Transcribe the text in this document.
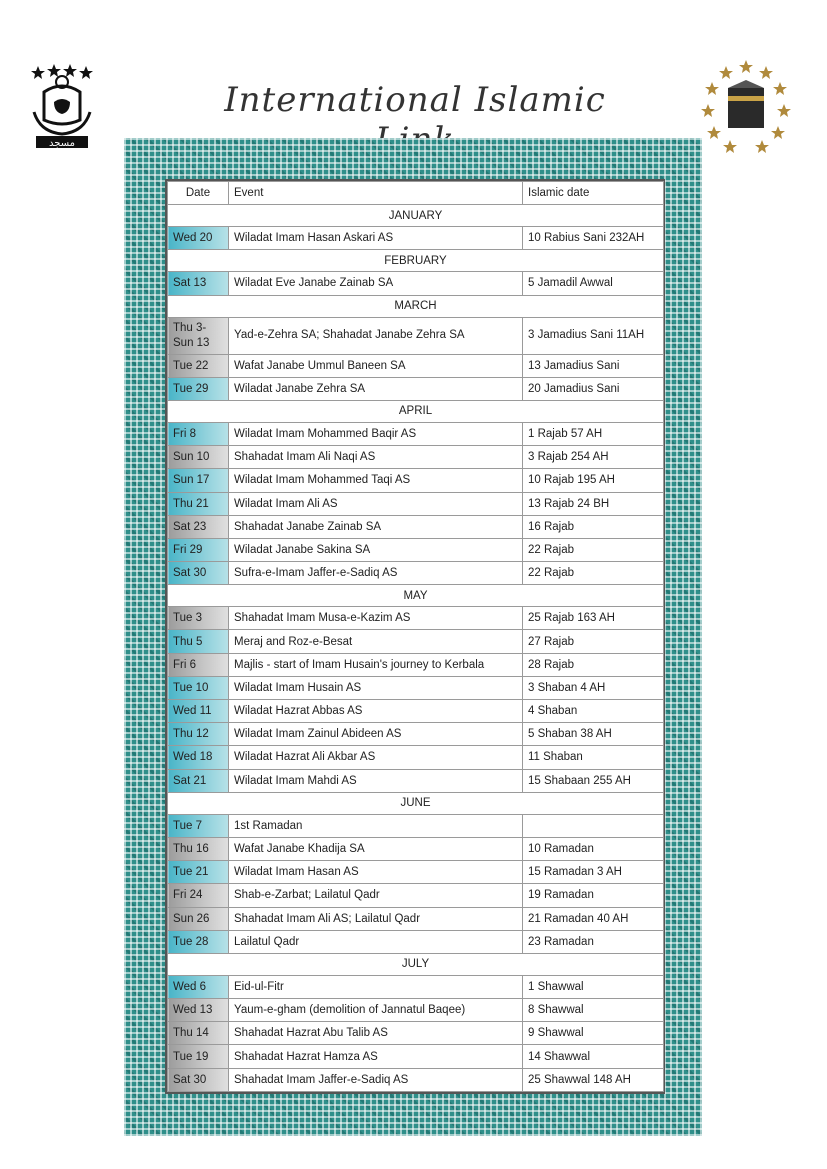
مسجد
International Islamic
Date	Event	Islamic date
JANUARY		
Wed 20	Wiladat Imam Hasan Askari AS	10 Rabius Sani 232AH
FEBRUARY		
Sat 13	Wiladat Eve Janabe Zainab SA	5 Jamadil Awwal
MARCH		
Thu 3- Sun 13	Yad-e-Zehra SA; Shahadat Janabe Zehra SA	3 Jamadius Sani 11AH
Tue 22	Wafat Janabe Ummul Baneen SA	13 Jamadius Sani
Tue 29	Wiladat Janabe Zehra SA	20 Jamadius Sani
APRIL		
Fri 8	Wiladat Imam Mohammed Baqir AS	1 Rajab 57 AH
Sun 10	Shahadat Imam Ali Naqi AS	3 Rajab 254 AH
Sun 17	Wiladat Imam Mohammed Taqi AS	10 Rajab 195 AH
Thu 21	Wiladat Imam Ali AS	13 Rajab 24 BH
Sat 23	Shahadat Janabe Zainab SA	16 Rajab
Fri 29	Wiladat Janabe Sakina SA	22 Rajab
Sat 30	Sufra-e-Imam Jaffer-e-Sadiq AS	22 Rajab
MAY		
Tue 3	Shahadat Imam Musa-e-Kazim AS	25 Rajab 163 AH
Thu 5	Meraj and Roz-e-Besat	27 Rajab
Fri 6	Majlis - start of Imam Husain's journey to Kerbala	28 Rajab
Tue 10	Wiladat Imam Husain AS	3 Shaban 4 AH
Wed 11	Wiladat Hazrat Abbas AS	4 Shaban
Thu 12	Wiladat Imam Zainul Abideen AS	5 Shaban 38 AH
Wed 18	Wiladat Hazrat Ali Akbar AS	11 Shaban
Sat 21	Wiladat Imam Mahdi AS	15 Shabaan 255 AH
JUNE		
Tue 7	1st Ramadan	
Thu 16	Wafat Janabe Khadija SA	10 Ramadan
Tue 21	Wiladat Imam Hasan AS	15 Ramadan 3 AH
Fri 24	Shab-e-Zarbat; Lailatul Qadr	19 Ramadan
Sun 26	Shahadat Imam Ali AS; Lailatul Qadr	21 Ramadan 40 AH
Tue 28	Lailatul Qadr	23 Ramadan
JULY		
Wed 6	Eid-ul-Fitr	1 Shawwal
Wed 13	Yaum-e-gham (demolition of Jannatul Baqee)	8 Shawwal
Thu 14	Shahadat Hazrat Abu Talib AS	9 Shawwal
Tue 19	Shahadat Hazrat Hamza AS	14 Shawwal
Sat 30	Shahadat Imam Jaffer-e-Sadiq AS	25 Shawwal 148 AH
